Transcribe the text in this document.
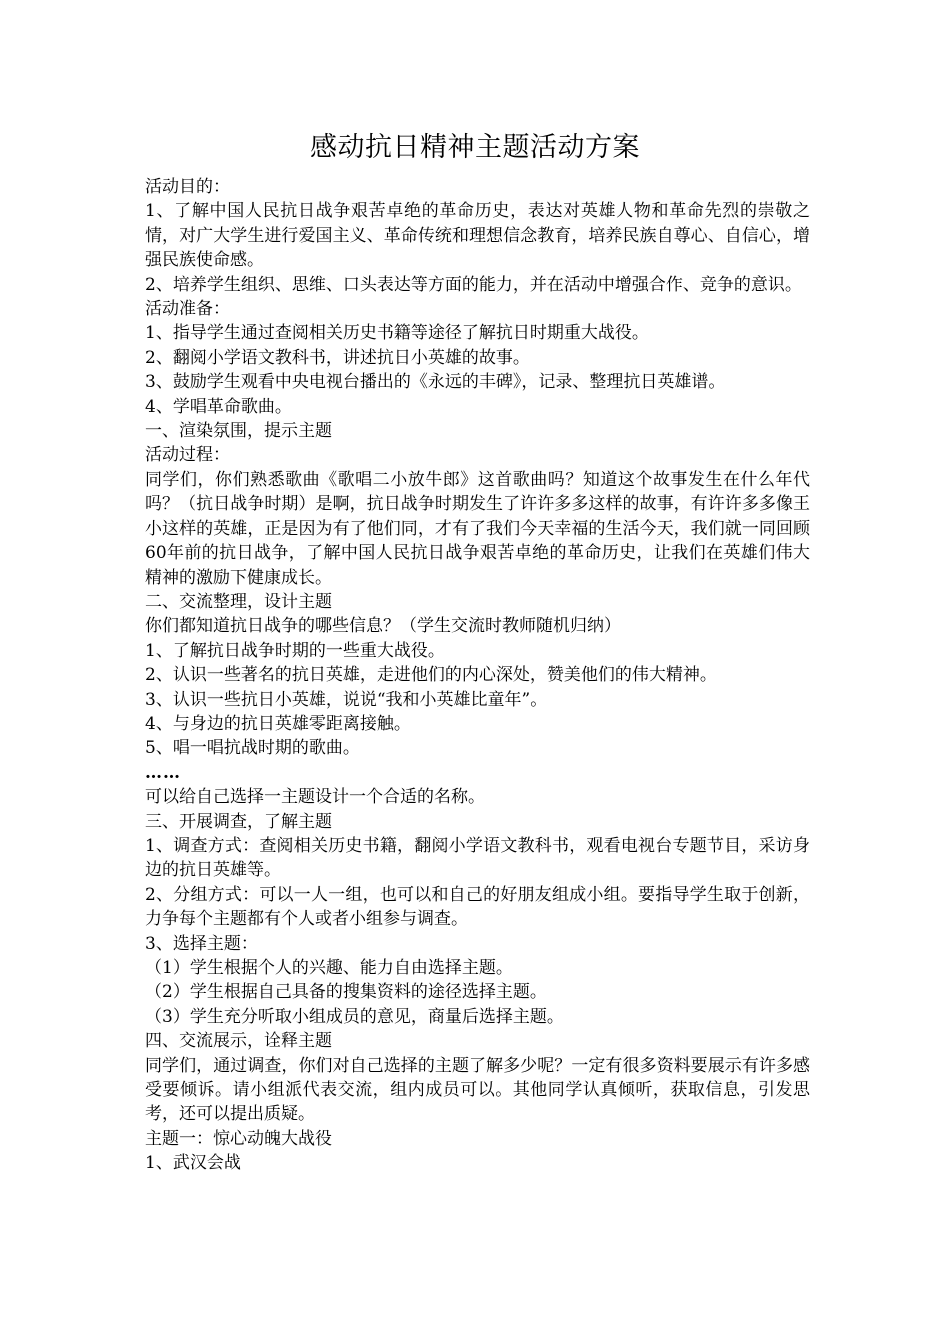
感动抗日精神主题活动方案

活动目的：

1、了解中国人民抗日战争艰苦卓绝的革命历史，表达对英雄人物和革命先烈的崇敬之情，对广大学生进行爱国主义、革命传统和理想信念教育，培养民族自尊心、自信心，增强民族使命感。

2、培养学生组织、思维、口头表达等方面的能力，并在活动中增强合作、竞争的意识。

活动准备：

1、指导学生通过查阅相关历史书籍等途径了解抗日时期重大战役。

2、翻阅小学语文教科书，讲述抗日小英雄的故事。

3、鼓励学生观看中央电视台播出的《永远的丰碑》，记录、整理抗日英雄谱。

4、学唱革命歌曲。

一、渲染氛围，提示主题

活动过程：

同学们，你们熟悉歌曲《歌唱二小放牛郎》这首歌曲吗？知道这个故事发生在什么年代吗？（抗日战争时期）是啊，抗日战争时期发生了许许多多这样的故事，有许许多多像王小这样的英雄，正是因为有了他们同，才有了我们今天幸福的生活今天，我们就一同回顾60年前的抗日战争，了解中国人民抗日战争艰苦卓绝的革命历史，让我们在英雄们伟大精神的激励下健康成长。

二、交流整理，设计主题

你们都知道抗日战争的哪些信息？（学生交流时教师随机归纳）

1、了解抗日战争时期的一些重大战役。

2、认识一些著名的抗日英雄，走进他们的内心深处，赞美他们的伟大精神。

3、认识一些抗日小英雄，说说“我和小英雄比童年”。

4、与身边的抗日英雄零距离接触。

5、唱一唱抗战时期的歌曲。

……

可以给自己选择一主题设计一个合适的名称。

三、开展调查，了解主题

1、调查方式：查阅相关历史书籍，翻阅小学语文教科书，观看电视台专题节目，采访身边的抗日英雄等。

2、分组方式：可以一人一组，也可以和自己的好朋友组成小组。要指导学生取于创新，力争每个主题都有个人或者小组参与调查。

3、选择主题：

（1）学生根据个人的兴趣、能力自由选择主题。

（2）学生根据自己具备的搜集资料的途径选择主题。

（3）学生充分听取小组成员的意见，商量后选择主题。

四、交流展示，诠释主题

同学们，通过调查，你们对自己选择的主题了解多少呢？一定有很多资料要展示有许多感受要倾诉。请小组派代表交流，组内成员可以。其他同学认真倾听，获取信息，引发思考，还可以提出质疑。

主题一：惊心动魄大战役

1、武汉会战
